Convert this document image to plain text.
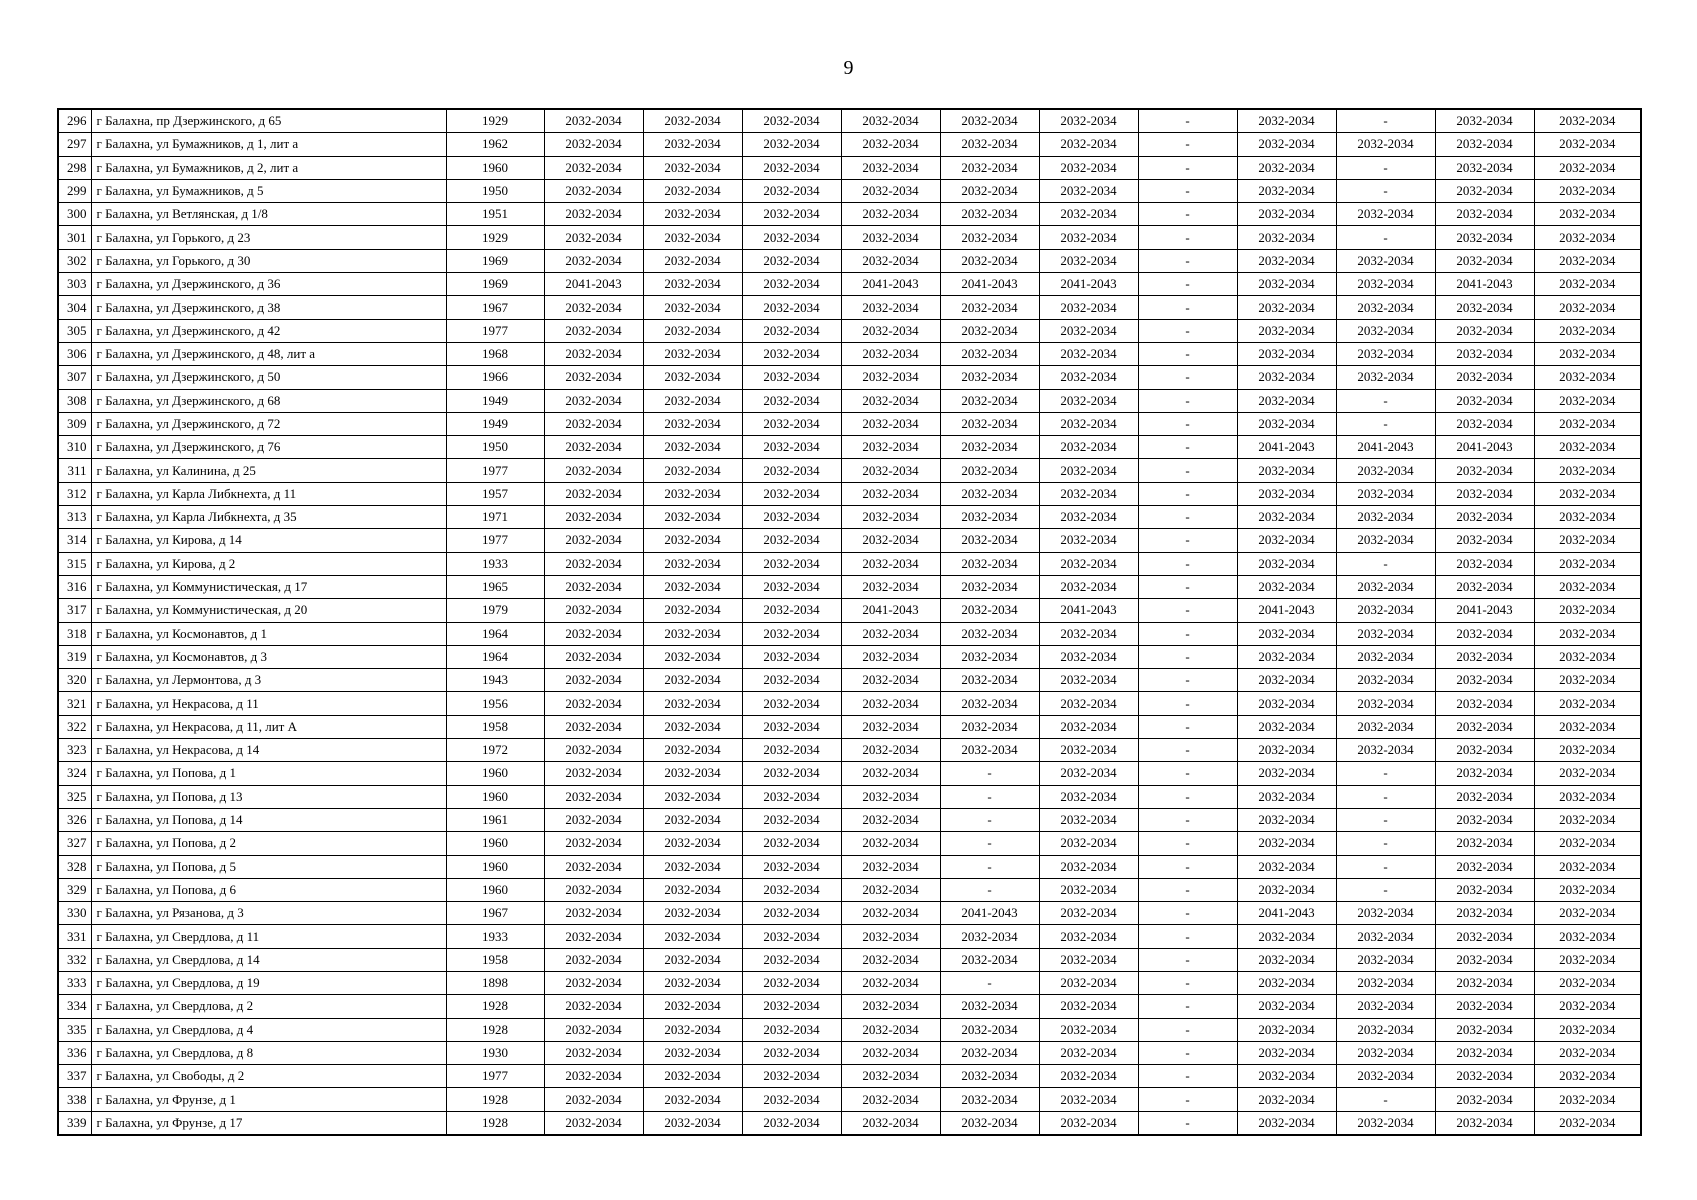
9
296	г Балахна, пр Дзержинского, д 65	1929	2032-2034	2032-2034	2032-2034	2032-2034	2032-2034	2032-2034	-	2032-2034	-	2032-2034	2032-2034
297	г Балахна, ул Бумажников, д 1, лит а	1962	2032-2034	2032-2034	2032-2034	2032-2034	2032-2034	2032-2034	-	2032-2034	2032-2034	2032-2034	2032-2034
298	г Балахна, ул Бумажников, д 2, лит а	1960	2032-2034	2032-2034	2032-2034	2032-2034	2032-2034	2032-2034	-	2032-2034	-	2032-2034	2032-2034
299	г Балахна, ул Бумажников, д 5	1950	2032-2034	2032-2034	2032-2034	2032-2034	2032-2034	2032-2034	-	2032-2034	-	2032-2034	2032-2034
300	г Балахна, ул Ветлянская, д 1/8	1951	2032-2034	2032-2034	2032-2034	2032-2034	2032-2034	2032-2034	-	2032-2034	2032-2034	2032-2034	2032-2034
301	г Балахна, ул Горького, д 23	1929	2032-2034	2032-2034	2032-2034	2032-2034	2032-2034	2032-2034	-	2032-2034	-	2032-2034	2032-2034
302	г Балахна, ул Горького, д 30	1969	2032-2034	2032-2034	2032-2034	2032-2034	2032-2034	2032-2034	-	2032-2034	2032-2034	2032-2034	2032-2034
303	г Балахна, ул Дзержинского, д 36	1969	2041-2043	2032-2034	2032-2034	2041-2043	2041-2043	2041-2043	-	2032-2034	2032-2034	2041-2043	2032-2034
304	г Балахна, ул Дзержинского, д 38	1967	2032-2034	2032-2034	2032-2034	2032-2034	2032-2034	2032-2034	-	2032-2034	2032-2034	2032-2034	2032-2034
305	г Балахна, ул Дзержинского, д 42	1977	2032-2034	2032-2034	2032-2034	2032-2034	2032-2034	2032-2034	-	2032-2034	2032-2034	2032-2034	2032-2034
306	г Балахна, ул Дзержинского, д 48, лит а	1968	2032-2034	2032-2034	2032-2034	2032-2034	2032-2034	2032-2034	-	2032-2034	2032-2034	2032-2034	2032-2034
307	г Балахна, ул Дзержинского, д 50	1966	2032-2034	2032-2034	2032-2034	2032-2034	2032-2034	2032-2034	-	2032-2034	2032-2034	2032-2034	2032-2034
308	г Балахна, ул Дзержинского, д 68	1949	2032-2034	2032-2034	2032-2034	2032-2034	2032-2034	2032-2034	-	2032-2034	-	2032-2034	2032-2034
309	г Балахна, ул Дзержинского, д 72	1949	2032-2034	2032-2034	2032-2034	2032-2034	2032-2034	2032-2034	-	2032-2034	-	2032-2034	2032-2034
310	г Балахна, ул Дзержинского, д 76	1950	2032-2034	2032-2034	2032-2034	2032-2034	2032-2034	2032-2034	-	2041-2043	2041-2043	2041-2043	2032-2034
311	г Балахна, ул Калинина, д 25	1977	2032-2034	2032-2034	2032-2034	2032-2034	2032-2034	2032-2034	-	2032-2034	2032-2034	2032-2034	2032-2034
312	г Балахна, ул Карла Либкнехта, д 11	1957	2032-2034	2032-2034	2032-2034	2032-2034	2032-2034	2032-2034	-	2032-2034	2032-2034	2032-2034	2032-2034
313	г Балахна, ул Карла Либкнехта, д 35	1971	2032-2034	2032-2034	2032-2034	2032-2034	2032-2034	2032-2034	-	2032-2034	2032-2034	2032-2034	2032-2034
314	г Балахна, ул Кирова, д 14	1977	2032-2034	2032-2034	2032-2034	2032-2034	2032-2034	2032-2034	-	2032-2034	2032-2034	2032-2034	2032-2034
315	г Балахна, ул Кирова, д 2	1933	2032-2034	2032-2034	2032-2034	2032-2034	2032-2034	2032-2034	-	2032-2034	-	2032-2034	2032-2034
316	г Балахна, ул Коммунистическая, д 17	1965	2032-2034	2032-2034	2032-2034	2032-2034	2032-2034	2032-2034	-	2032-2034	2032-2034	2032-2034	2032-2034
317	г Балахна, ул Коммунистическая, д 20	1979	2032-2034	2032-2034	2032-2034	2041-2043	2032-2034	2041-2043	-	2041-2043	2032-2034	2041-2043	2032-2034
318	г Балахна, ул Космонавтов, д 1	1964	2032-2034	2032-2034	2032-2034	2032-2034	2032-2034	2032-2034	-	2032-2034	2032-2034	2032-2034	2032-2034
319	г Балахна, ул Космонавтов, д 3	1964	2032-2034	2032-2034	2032-2034	2032-2034	2032-2034	2032-2034	-	2032-2034	2032-2034	2032-2034	2032-2034
320	г Балахна, ул Лермонтова, д 3	1943	2032-2034	2032-2034	2032-2034	2032-2034	2032-2034	2032-2034	-	2032-2034	2032-2034	2032-2034	2032-2034
321	г Балахна, ул Некрасова, д 11	1956	2032-2034	2032-2034	2032-2034	2032-2034	2032-2034	2032-2034	-	2032-2034	2032-2034	2032-2034	2032-2034
322	г Балахна, ул Некрасова, д 11, лит А	1958	2032-2034	2032-2034	2032-2034	2032-2034	2032-2034	2032-2034	-	2032-2034	2032-2034	2032-2034	2032-2034
323	г Балахна, ул Некрасова, д 14	1972	2032-2034	2032-2034	2032-2034	2032-2034	2032-2034	2032-2034	-	2032-2034	2032-2034	2032-2034	2032-2034
324	г Балахна, ул Попова, д 1	1960	2032-2034	2032-2034	2032-2034	2032-2034	-	2032-2034	-	2032-2034	-	2032-2034	2032-2034
325	г Балахна, ул Попова, д 13	1960	2032-2034	2032-2034	2032-2034	2032-2034	-	2032-2034	-	2032-2034	-	2032-2034	2032-2034
326	г Балахна, ул Попова, д 14	1961	2032-2034	2032-2034	2032-2034	2032-2034	-	2032-2034	-	2032-2034	-	2032-2034	2032-2034
327	г Балахна, ул Попова, д 2	1960	2032-2034	2032-2034	2032-2034	2032-2034	-	2032-2034	-	2032-2034	-	2032-2034	2032-2034
328	г Балахна, ул Попова, д 5	1960	2032-2034	2032-2034	2032-2034	2032-2034	-	2032-2034	-	2032-2034	-	2032-2034	2032-2034
329	г Балахна, ул Попова, д 6	1960	2032-2034	2032-2034	2032-2034	2032-2034	-	2032-2034	-	2032-2034	-	2032-2034	2032-2034
330	г Балахна, ул Рязанова, д 3	1967	2032-2034	2032-2034	2032-2034	2032-2034	2041-2043	2032-2034	-	2041-2043	2032-2034	2032-2034	2032-2034
331	г Балахна, ул Свердлова, д 11	1933	2032-2034	2032-2034	2032-2034	2032-2034	2032-2034	2032-2034	-	2032-2034	2032-2034	2032-2034	2032-2034
332	г Балахна, ул Свердлова, д 14	1958	2032-2034	2032-2034	2032-2034	2032-2034	2032-2034	2032-2034	-	2032-2034	2032-2034	2032-2034	2032-2034
333	г Балахна, ул Свердлова, д 19	1898	2032-2034	2032-2034	2032-2034	2032-2034	-	2032-2034	-	2032-2034	2032-2034	2032-2034	2032-2034
334	г Балахна, ул Свердлова, д 2	1928	2032-2034	2032-2034	2032-2034	2032-2034	2032-2034	2032-2034	-	2032-2034	2032-2034	2032-2034	2032-2034
335	г Балахна, ул Свердлова, д 4	1928	2032-2034	2032-2034	2032-2034	2032-2034	2032-2034	2032-2034	-	2032-2034	2032-2034	2032-2034	2032-2034
336	г Балахна, ул Свердлова, д 8	1930	2032-2034	2032-2034	2032-2034	2032-2034	2032-2034	2032-2034	-	2032-2034	2032-2034	2032-2034	2032-2034
337	г Балахна, ул Свободы, д 2	1977	2032-2034	2032-2034	2032-2034	2032-2034	2032-2034	2032-2034	-	2032-2034	2032-2034	2032-2034	2032-2034
338	г Балахна, ул Фрунзе, д 1	1928	2032-2034	2032-2034	2032-2034	2032-2034	2032-2034	2032-2034	-	2032-2034	-	2032-2034	2032-2034
339	г Балахна, ул Фрунзе, д 17	1928	2032-2034	2032-2034	2032-2034	2032-2034	2032-2034	2032-2034	-	2032-2034	2032-2034	2032-2034	2032-2034
